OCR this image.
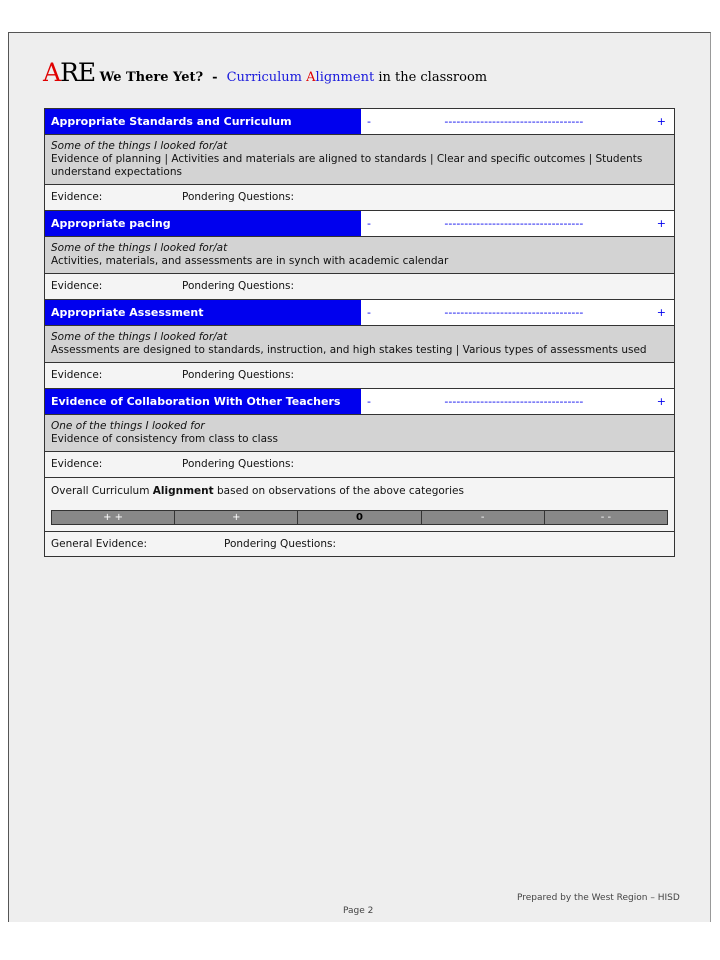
ARE We There Yet?  -  Curriculum Alignment in the classroom
Appropriate Standards and Curriculum	-	-----------------------------------	+
Some of the things I looked for/at
Evidence of planning | Activities and materials are aligned to standards | Clear and specific outcomes | Students understand expectations
Evidence:	Pondering Questions:
Appropriate pacing	-	-----------------------------------	+
Some of the things I looked for/at
Activities, materials, and assessments are in synch with academic calendar
Evidence:	Pondering Questions:
Appropriate Assessment	-	-----------------------------------	+
Some of the things I looked for/at
Assessments are designed to standards, instruction, and high stakes testing | Various types of assessments used
Evidence:	Pondering Questions:
Evidence of Collaboration With Other Teachers	-	-----------------------------------	+
One of the things I looked for
Evidence of consistency from class to class
Evidence:	Pondering Questions:
Overall Curriculum Alignment based on observations of the above categories
+ +	+	0	-	- -
General Evidence:	Pondering Questions:
Prepared by the West Region – HISD
Page 2
